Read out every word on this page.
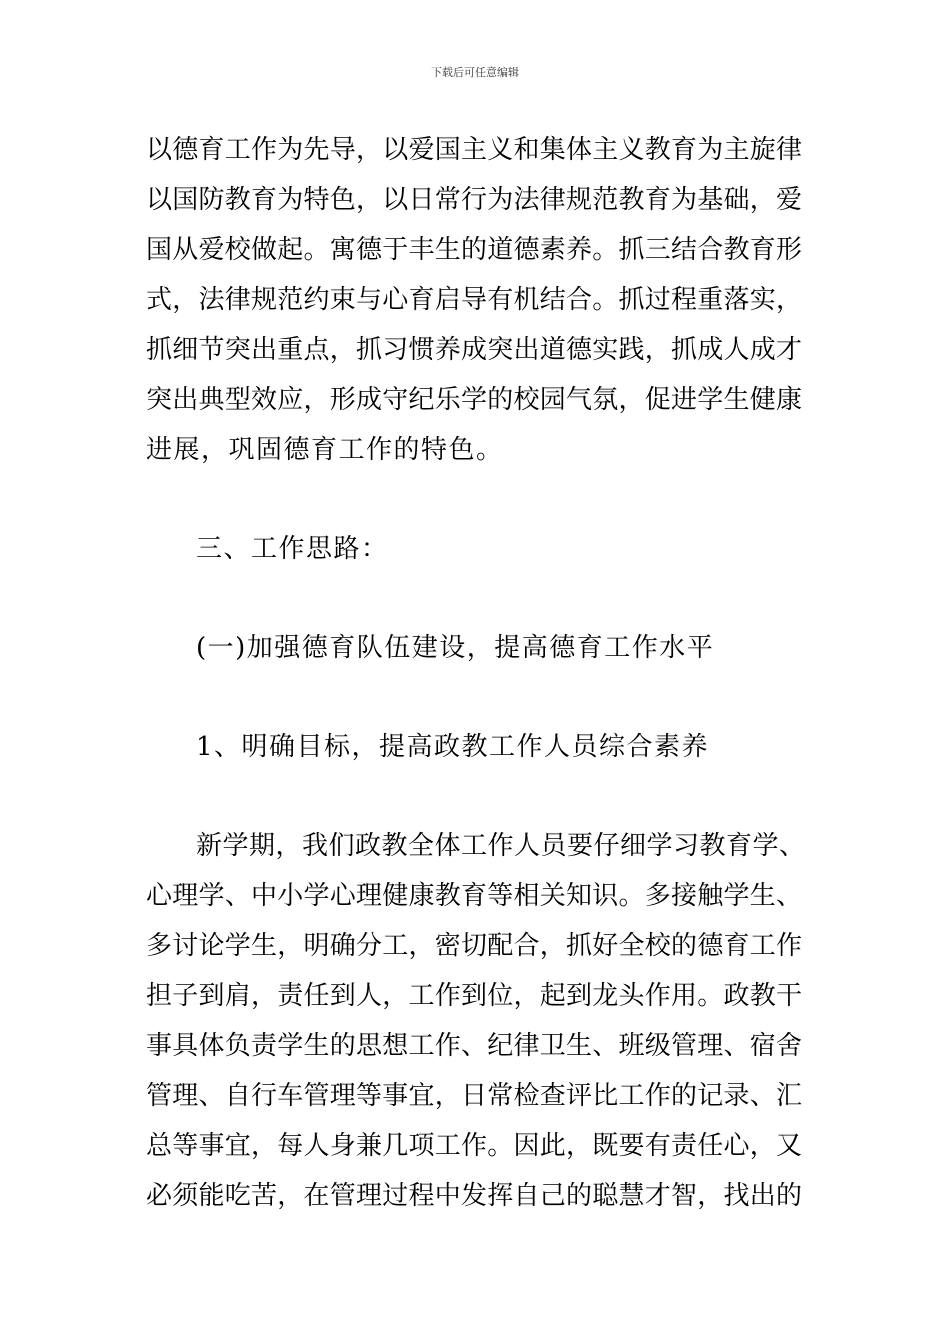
下载后可任意编辑
以德育工作为先导，以爱国主义和集体主义教育为主旋律
以国防教育为特色，以日常行为法律规范教育为基础，爱
国从爱校做起。寓德于丰生的道德素养。抓三结合教育形
式，法律规范约束与心育启导有机结合。抓过程重落实，
抓细节突出重点，抓习惯养成突出道德实践，抓成人成才
突出典型效应，形成守纪乐学的校园气氛，促进学生健康
进展，巩固德育工作的特色。
三、工作思路：
(一)加强德育队伍建设，提高德育工作水平
1、明确目标，提高政教工作人员综合素养
新学期，我们政教全体工作人员要仔细学习教育学、
心理学、中小学心理健康教育等相关知识。多接触学生、
多讨论学生，明确分工，密切配合，抓好全校的德育工作
担子到肩，责任到人，工作到位，起到龙头作用。政教干
事具体负责学生的思想工作、纪律卫生、班级管理、宿舍
管理、自行车管理等事宜，日常检查评比工作的记录、汇
总等事宜，每人身兼几项工作。因此，既要有责任心，又
必须能吃苦，在管理过程中发挥自己的聪慧才智，找出的
